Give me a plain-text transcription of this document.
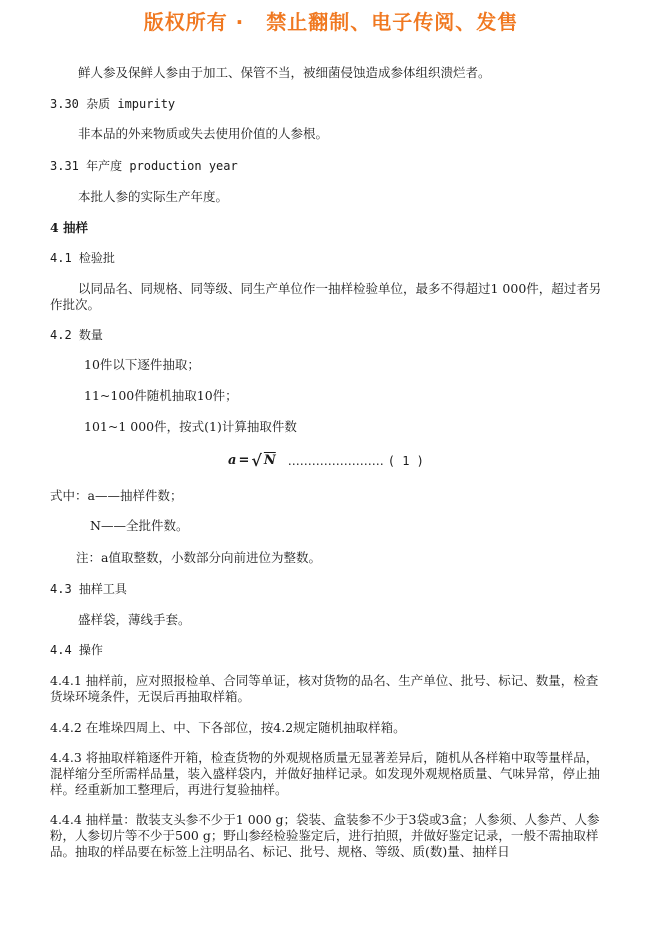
版权所有 · 禁止翻制、电子传阅、发售
鲜人参及保鲜人参由于加工、保管不当，被细菌侵蚀造成参体组织溃烂者。
3.30 杂质 impurity
非本品的外来物质或失去使用价值的人参根。
3.31 年产度 production year
本批人参的实际生产年度。
4 抽样
4.1 检验批
以同品名、同规格、同等级、同生产单位作一抽样检验单位，最多不得超过1 000件，超过者另作批次。
4.2 数量
10件以下逐件抽取；
11~100件随机抽取10件；
101~1 000件，按式(1)计算抽取件数
a = √ N …………………… ( 1 )
式中：a——抽样件数；
N——全批件数。
注：a值取整数，小数部分向前进位为整数。
4.3 抽样工具
盛样袋，薄线手套。
4.4 操作
4.4.1 抽样前，应对照报检单、合同等单证，核对货物的品名、生产单位、批号、标记、数量，检查货垛环境条件，无误后再抽取样箱。
4.4.2 在堆垛四周上、中、下各部位，按4.2规定随机抽取样箱。
4.4.3 将抽取样箱逐件开箱，检查货物的外观规格质量无显著差异后，随机从各样箱中取等量样品，混样缩分至所需样品量，装入盛样袋内，并做好抽样记录。如发现外观规格质量、气味异常，停止抽样。经重新加工整理后，再进行复验抽样。
4.4.4 抽样量：散装支头参不少于1 000 g；袋装、盒装参不少于3袋或3盒；人参须、人参芦、人参粉，人参切片等不少于500 g；野山参经检验鉴定后，进行拍照，并做好鉴定记录，一般不需抽取样品。抽取的样品要在标签上注明品名、标记、批号、规格、等级、质(数)量、抽样日
